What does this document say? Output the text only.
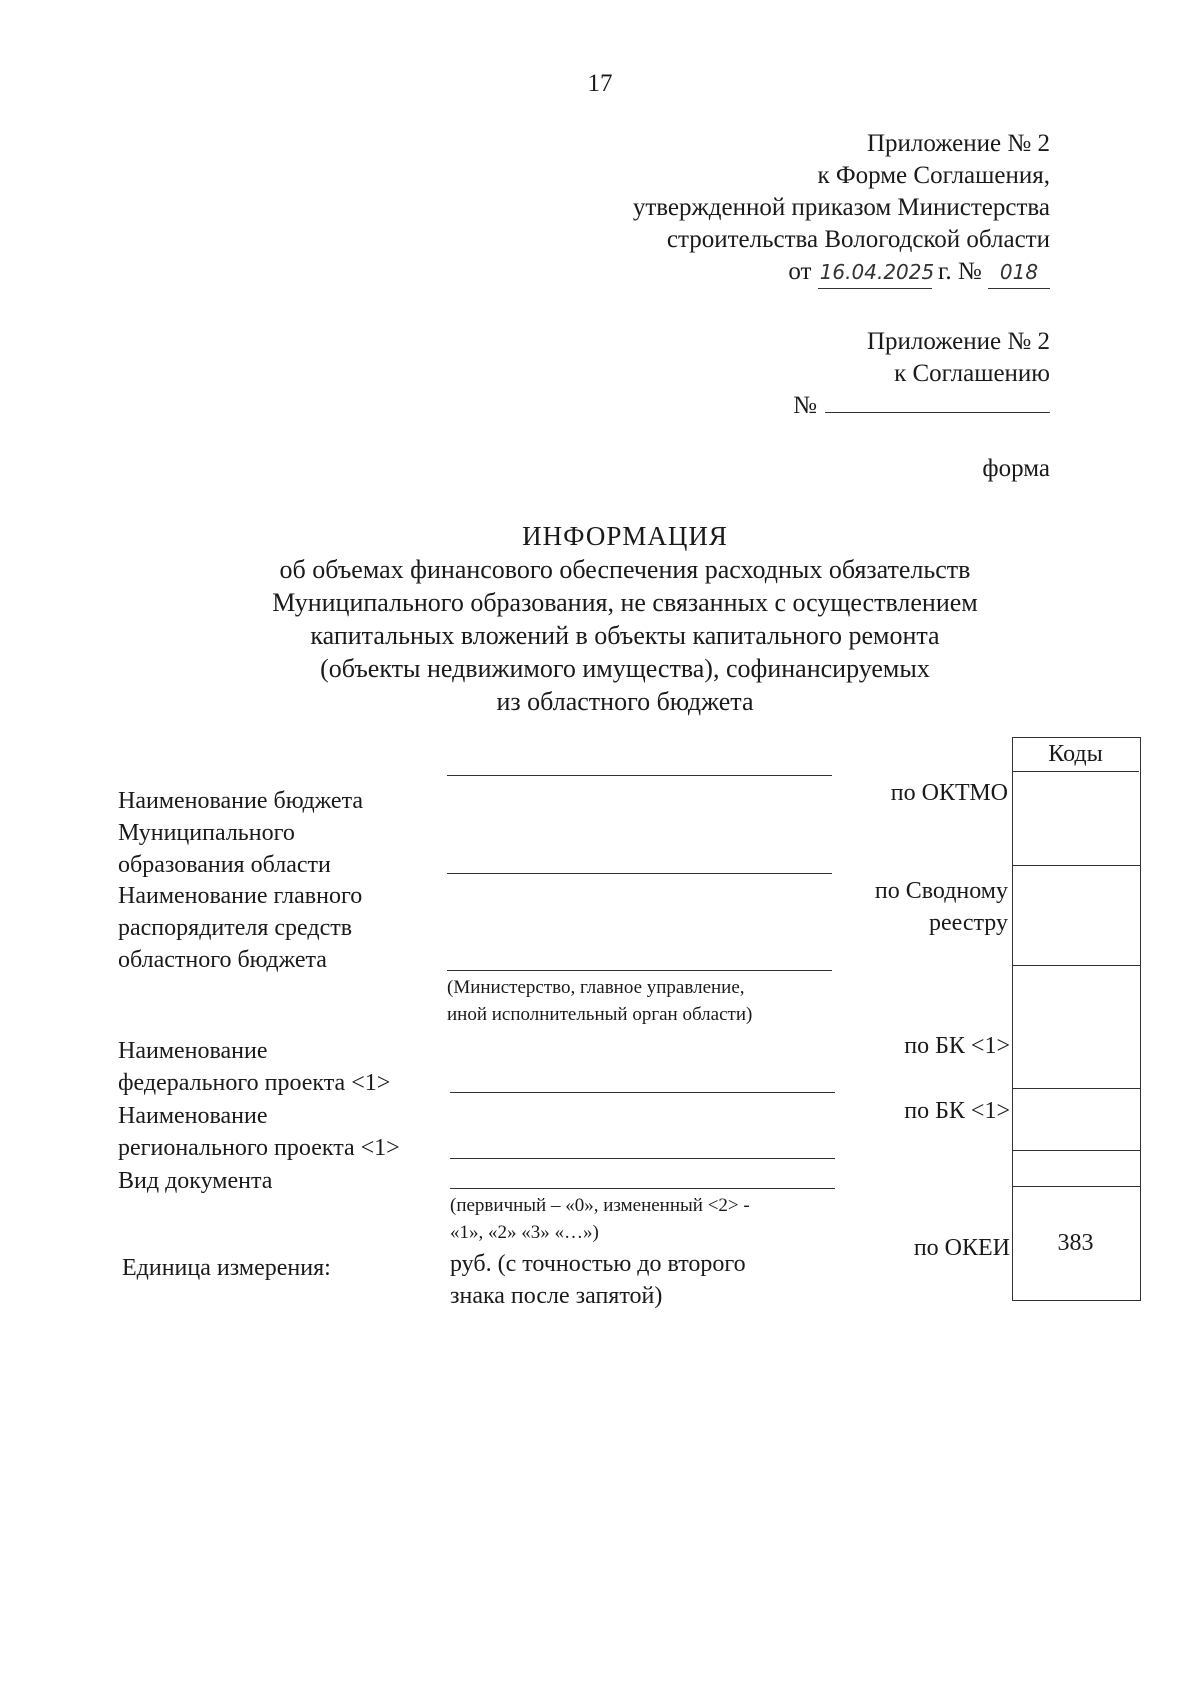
17
Приложение № 2
к Форме Соглашения,
утвержденной приказом Министерства
строительства Вологодской области
от 16.04.2025 г. № 018
Приложение № 2
к Соглашению
№
форма
ИНФОРМАЦИЯ
об объемах финансового обеспечения расходных обязательств
Муниципального образования, не связанных с осуществлением
капитальных вложений в объекты капитального ремонта
(объекты недвижимого имущества), софинансируемых
из областного бюджета
Наименование бюджета
Муниципального
образования области
Наименование главного
распорядителя средств
областного бюджета
Наименование
федерального проекта <1>
Наименование
регионального проекта <1>
Вид документа
Единица измерения:
(Министерство, главное управление,
иной исполнительный орган области)
(первичный – «0», измененный <2> -
«1», «2» «3» «…»)
руб. (с точностью до второго
знака после запятой)
Коды
по ОКТМО
по Сводному
реестру
по БК <1>
по БК <1>
по ОКЕИ	383
